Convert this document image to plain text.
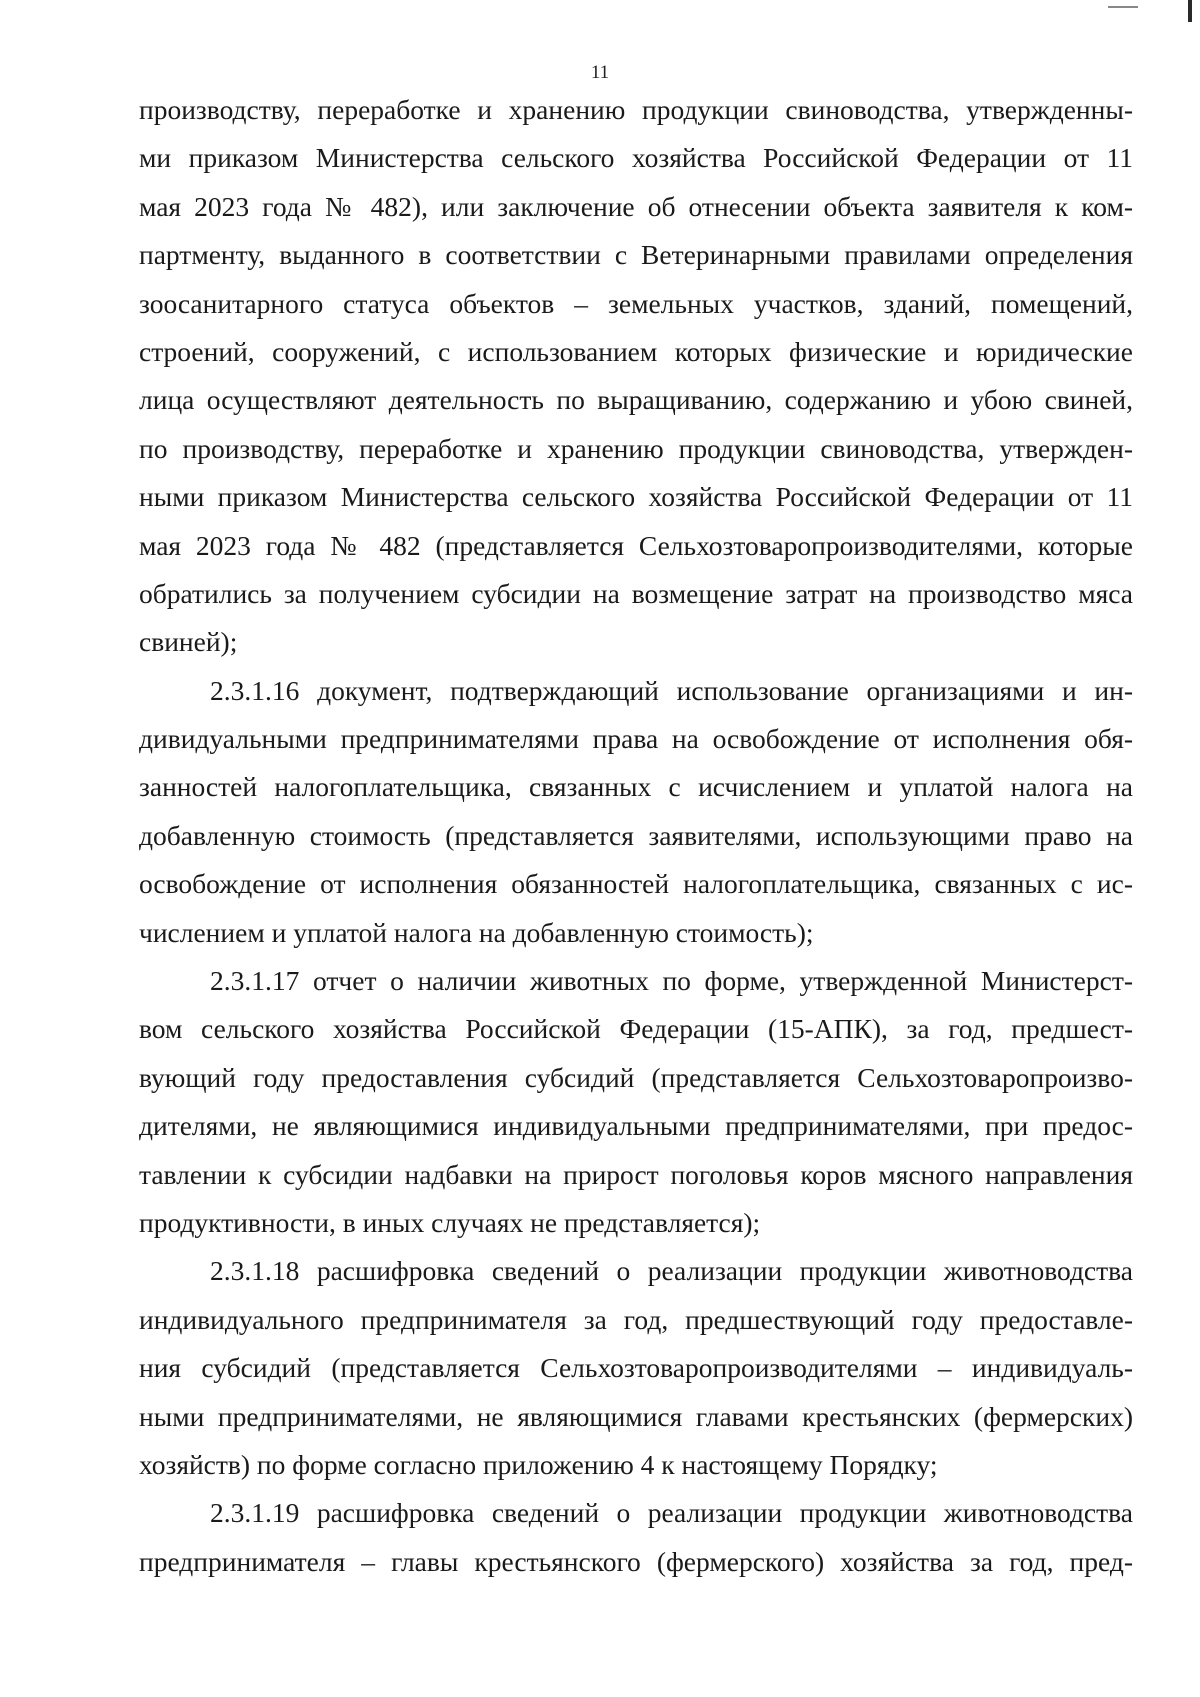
11
производству, переработке и хранению продукции свиноводства, утвержденны-
ми приказом Министерства сельского хозяйства Российской Федерации от 11
мая 2023 года № 482), или заключение об отнесении объекта заявителя к ком-
партменту, выданного в соответствии с Ветеринарными правилами определения
зоосанитарного статуса объектов – земельных участков, зданий, помещений,
строений, сооружений, с использованием которых физические и юридические
лица осуществляют деятельность по выращиванию, содержанию и убою свиней,
по производству, переработке и хранению продукции свиноводства, утвержден-
ными приказом Министерства сельского хозяйства Российской Федерации от 11
мая 2023 года № 482 (представляется Сельхозтоваропроизводителями, которые
обратились за получением субсидии на возмещение затрат на производство мяса
свиней);
2.3.1.16 документ, подтверждающий использование организациями и ин-
дивидуальными предпринимателями права на освобождение от исполнения обя-
занностей налогоплательщика, связанных с исчислением и уплатой налога на
добавленную стоимость (представляется заявителями, использующими право на
освобождение от исполнения обязанностей налогоплательщика, связанных с ис-
числением и уплатой налога на добавленную стоимость);
2.3.1.17 отчет о наличии животных по форме, утвержденной Министерст-
вом сельского хозяйства Российской Федерации (15-АПК), за год, предшест-
вующий году предоставления субсидий (представляется Сельхозтоваропроизво-
дителями, не являющимися индивидуальными предпринимателями, при предос-
тавлении к субсидии надбавки на прирост поголовья коров мясного направления
продуктивности, в иных случаях не представляется);
2.3.1.18 расшифровка сведений о реализации продукции животноводства
индивидуального предпринимателя за год, предшествующий году предоставле-
ния субсидий (представляется Сельхозтоваропроизводителями – индивидуаль-
ными предпринимателями, не являющимися главами крестьянских (фермерских)
хозяйств) по форме согласно приложению 4 к настоящему Порядку;
2.3.1.19 расшифровка сведений о реализации продукции животноводства
предпринимателя – главы крестьянского (фермерского) хозяйства за год, пред-
